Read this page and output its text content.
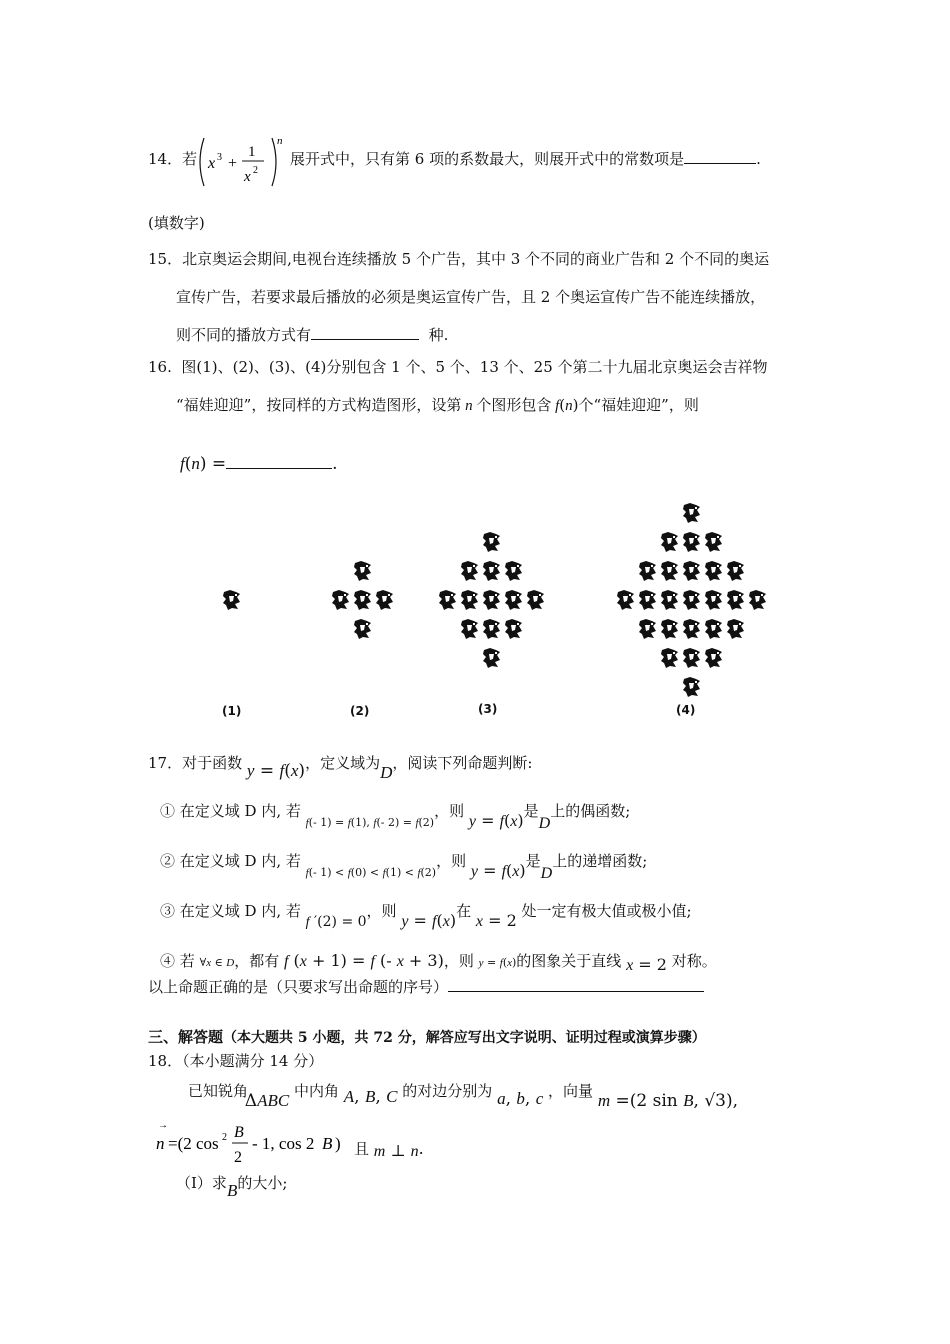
14．若 x 3 +
1
x 2
n
展开式中，只有第 6 项的系数最大，则展开式中的常数项是	.
(填数字)
15．北京奥运会期间,电视台连续播放 5 个广告，其中 3 个不同的商业广告和 2 个不同的奥运
宣传广告，若要求最后播放的必须是奥运宣传广告，且 2 个奥运宣传广告不能连续播放，
则不同的播放方式有	种.
16. 图(1)、(2)、(3)、(4)分别包含 1 个、5 个、13 个、25 个第二十九届北京奥运会吉祥物
“福娃迎迎”，按同样的方式构造图形，设第 n 个图形包含 f(n)个“福娃迎迎”，则
f(n) =	.
(1)	(2)	(3)	(4)
17．对于函数 y = f(x)，定义域为D，阅读下列命题判断:
① 在定义域 D 内, 若 $_{f(- 1) =}$ $_{f(1),}$ $_{f(- 2) =}$ $_{f(2)}$，则 y = f(x)是D上的偶函数;
② 在定义域 D 内, 若 $_{f(- 1) <}$ $_{f(0) <}$ $_{f(1) <}$ $_{f(2)}$，则 y = f(x)是D上的递增函数;
③ 在定义域 D 内, 若 f ′(2) = 0，则 y = f(x)在 x = 2 处一定有极大值或极小值;
④ 若 ∀x ∈ D，都有 f (x + 1) = f (- x + 3)，则 y = f(x)的图象关于直线 x = 2 对称。
以上命题正确的是（只要求写出命题的序号）
三、解答题（本大题共 5 小题，共 72 分，解答应写出文字说明、证明过程或演算步骤）
18．（本小题满分 14 分）
已知锐角 ΔABC 中内角 A, B, C 的对边分别为 a, b, c ，向量 m =(2 sin B, √3),
→
n =(2 cos 2 B
2
- 1, cos 2 B ) 且 m ⊥ n.
（Ⅰ）求B的大小;
